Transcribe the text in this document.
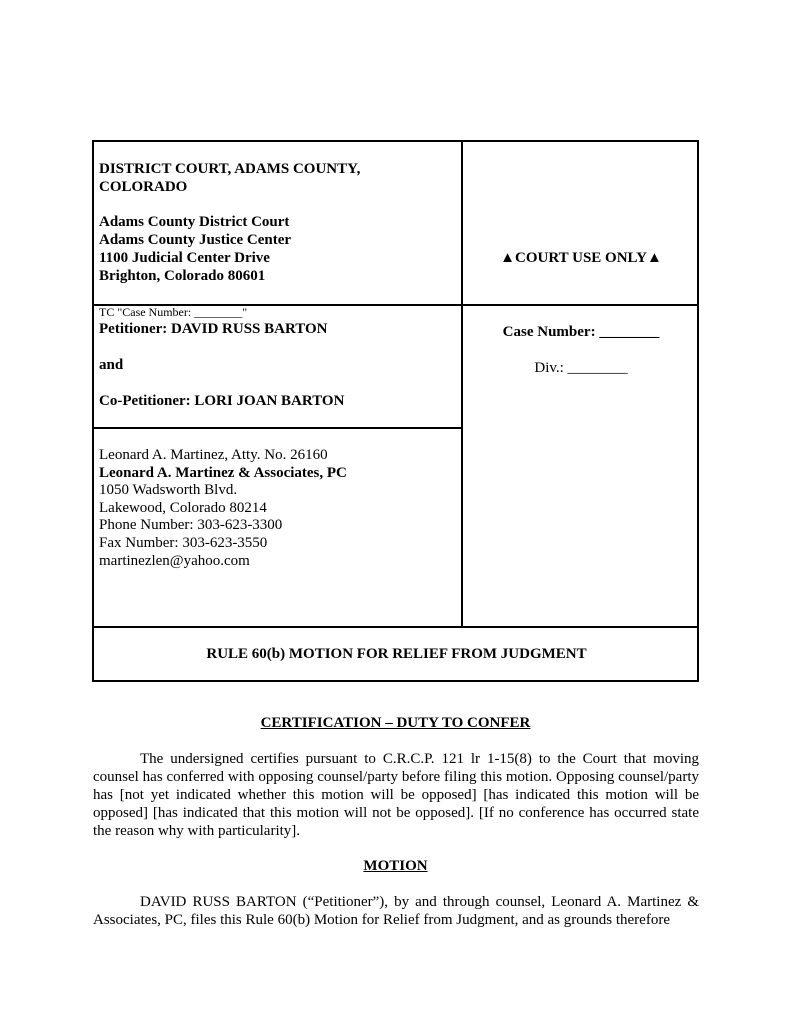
DISTRICT COURT, ADAMS COUNTY,
COLORADO
Adams County District Court
Adams County Justice Center
1100 Judicial Center Drive
Brighton, Colorado 80601
▲COURT USE ONLY▲
TC "Case Number: ________"
Petitioner: DAVID RUSS BARTON
and
Co-Petitioner: LORI JOAN BARTON
Case Number: ________
Div.: ________
Leonard A. Martinez, Atty. No. 26160
Leonard A. Martinez & Associates, PC
1050 Wadsworth Blvd.
Lakewood, Colorado 80214
Phone Number: 303-623-3300
Fax Number: 303-623-3550
martinezlen@yahoo.com
RULE 60(b) MOTION FOR RELIEF FROM JUDGMENT
CERTIFICATION – DUTY TO CONFER

The undersigned certifies pursuant to C.R.C.P. 121 lr 1-15(8) to the Court that moving counsel has conferred with opposing counsel/party before filing this motion. Opposing counsel/party has [not yet indicated whether this motion will be opposed] [has indicated this motion will be opposed] [has indicated that this motion will not be opposed]. [If no conference has occurred state the reason why with particularity].

MOTION

DAVID RUSS BARTON (“Petitioner”), by and through counsel, Leonard A. Martinez & Associates, PC, files this Rule 60(b) Motion for Relief from Judgment, and as grounds therefore
